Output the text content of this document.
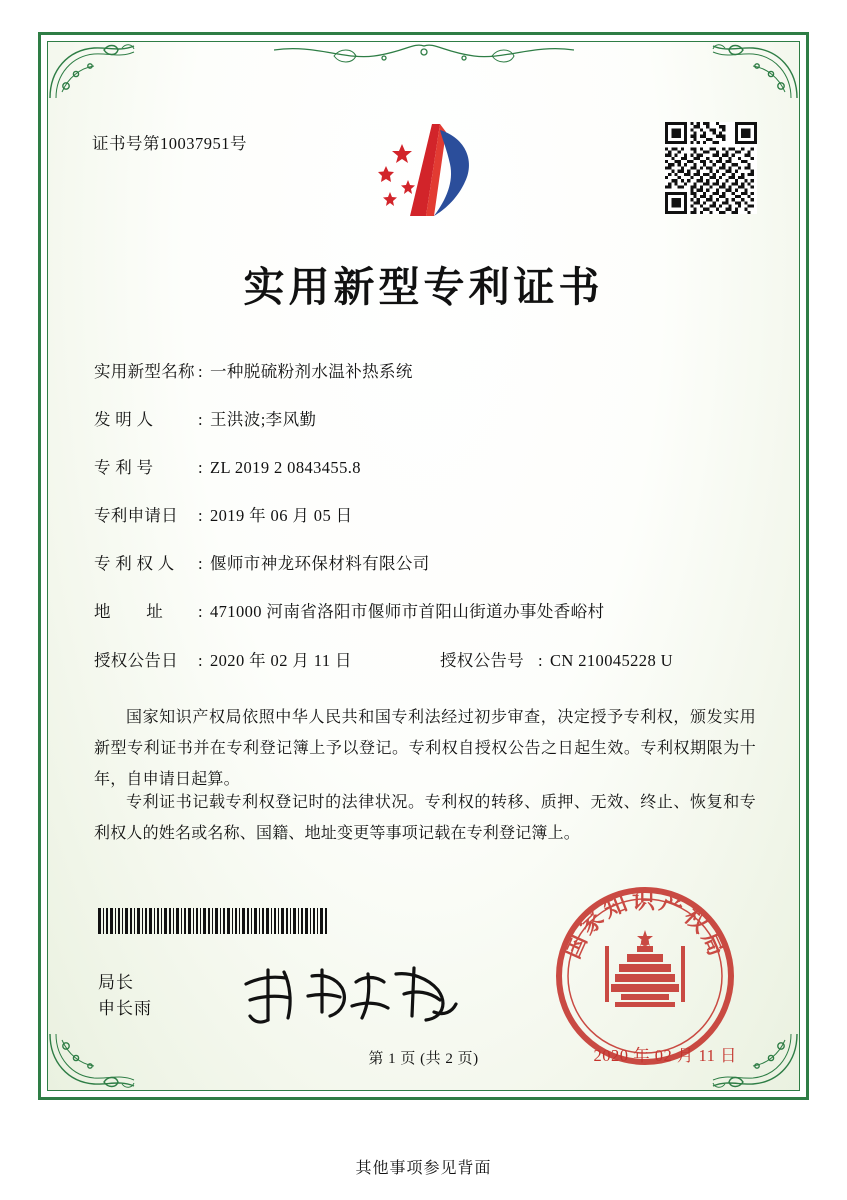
证书号第10037951号
实用新型专利证书
实用新型名称 : 一种脱硫粉剂水温补热系统
发 明 人	: 王洪波;李风勤
专 利 号	: ZL 2019 2 0843455.8
专利申请日	: 2019 年 06 月 05 日
专 利 权 人	: 偃师市神龙环保材料有限公司
地        址	: 471000 河南省洛阳市偃师市首阳山街道办事处香峪村
授权公告日	: 2020 年 02 月 11 日	授权公告号 : CN 210045228 U
国家知识产权局依照中华人民共和国专利法经过初步审查，决定授予专利权，颁发实用新型专利证书并在专利登记簿上予以登记。专利权自授权公告之日起生效。专利权期限为十年，自申请日起算。
专利证书记载专利权登记时的法律状况。专利权的转移、质押、无效、终止、恢复和专利权人的姓名或名称、国籍、地址变更等事项记载在专利登记簿上。
局长
申长雨
国家知识产权局
2020 年 02 月 11 日
第 1 页 (共 2 页)
其他事项参见背面
